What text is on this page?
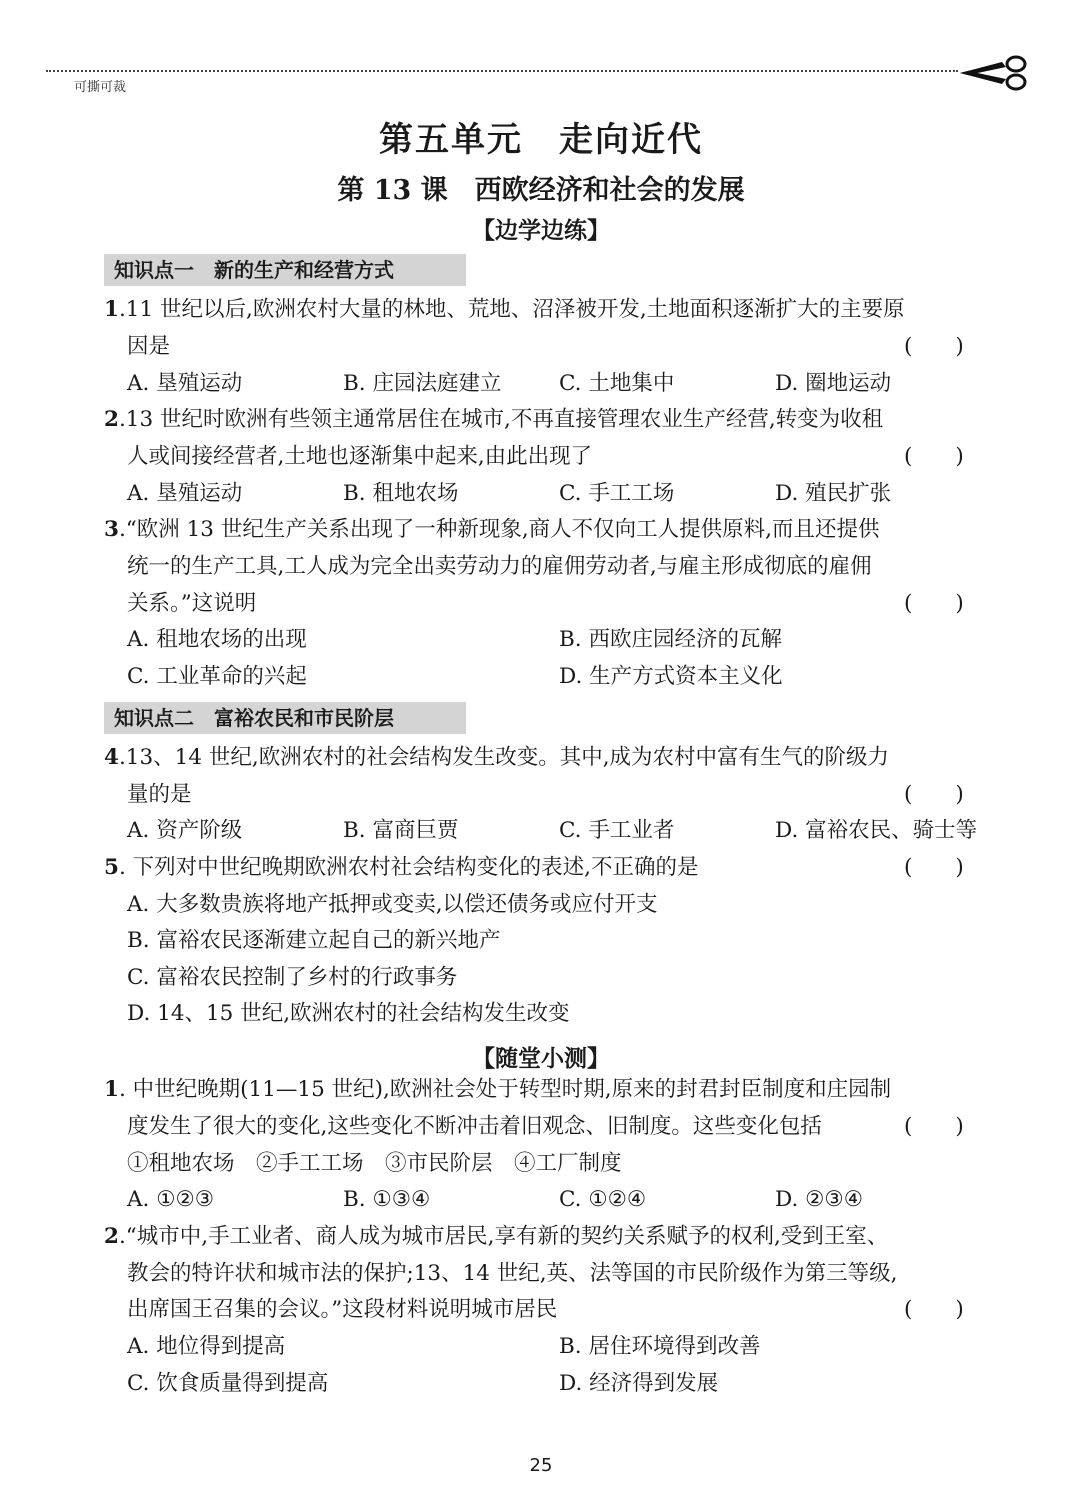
可撕可裁
第五单元　走向近代
第 13 课　西欧经济和社会的发展
【边学边练】
知识点一　新的生产和经营方式
1.11 世纪以后,欧洲农村大量的林地、荒地、沼泽被开发,土地面积逐渐扩大的主要原
因是	(　　)
A. 垦殖运动	B. 庄园法庭建立	C. 土地集中	D. 圈地运动
2.13 世纪时欧洲有些领主通常居住在城市,不再直接管理农业生产经营,转变为收租
人或间接经营者,土地也逐渐集中起来,由此出现了	(　　)
A. 垦殖运动	B. 租地农场	C. 手工工场	D. 殖民扩张
3.“欧洲 13 世纪生产关系出现了一种新现象,商人不仅向工人提供原料,而且还提供
统一的生产工具,工人成为完全出卖劳动力的雇佣劳动者,与雇主形成彻底的雇佣
关系。”这说明	(　　)
A. 租地农场的出现	B. 西欧庄园经济的瓦解
C. 工业革命的兴起	D. 生产方式资本主义化
知识点二　富裕农民和市民阶层
4.13、14 世纪,欧洲农村的社会结构发生改变。其中,成为农村中富有生气的阶级力
量的是	(　　)
A. 资产阶级	B. 富商巨贾	C. 手工业者	D. 富裕农民、骑士等
5. 下列对中世纪晚期欧洲农村社会结构变化的表述,不正确的是	(　　)
A. 大多数贵族将地产抵押或变卖,以偿还债务或应付开支
B. 富裕农民逐渐建立起自己的新兴地产
C. 富裕农民控制了乡村的行政事务
D. 14、15 世纪,欧洲农村的社会结构发生改变
【随堂小测】
1. 中世纪晚期(11—15 世纪),欧洲社会处于转型时期,原来的封君封臣制度和庄园制
度发生了很大的变化,这些变化不断冲击着旧观念、旧制度。这些变化包括	(　　)
①租地农场　②手工工场　③市民阶层　④工厂制度
A. ①②③	B. ①③④	C. ①②④	D. ②③④
2.“城市中,手工业者、商人成为城市居民,享有新的契约关系赋予的权利,受到王室、
教会的特许状和城市法的保护;13、14 世纪,英、法等国的市民阶级作为第三等级,
出席国王召集的会议。”这段材料说明城市居民	(　　)
A. 地位得到提高	B. 居住环境得到改善
C. 饮食质量得到提高	D. 经济得到发展
25
